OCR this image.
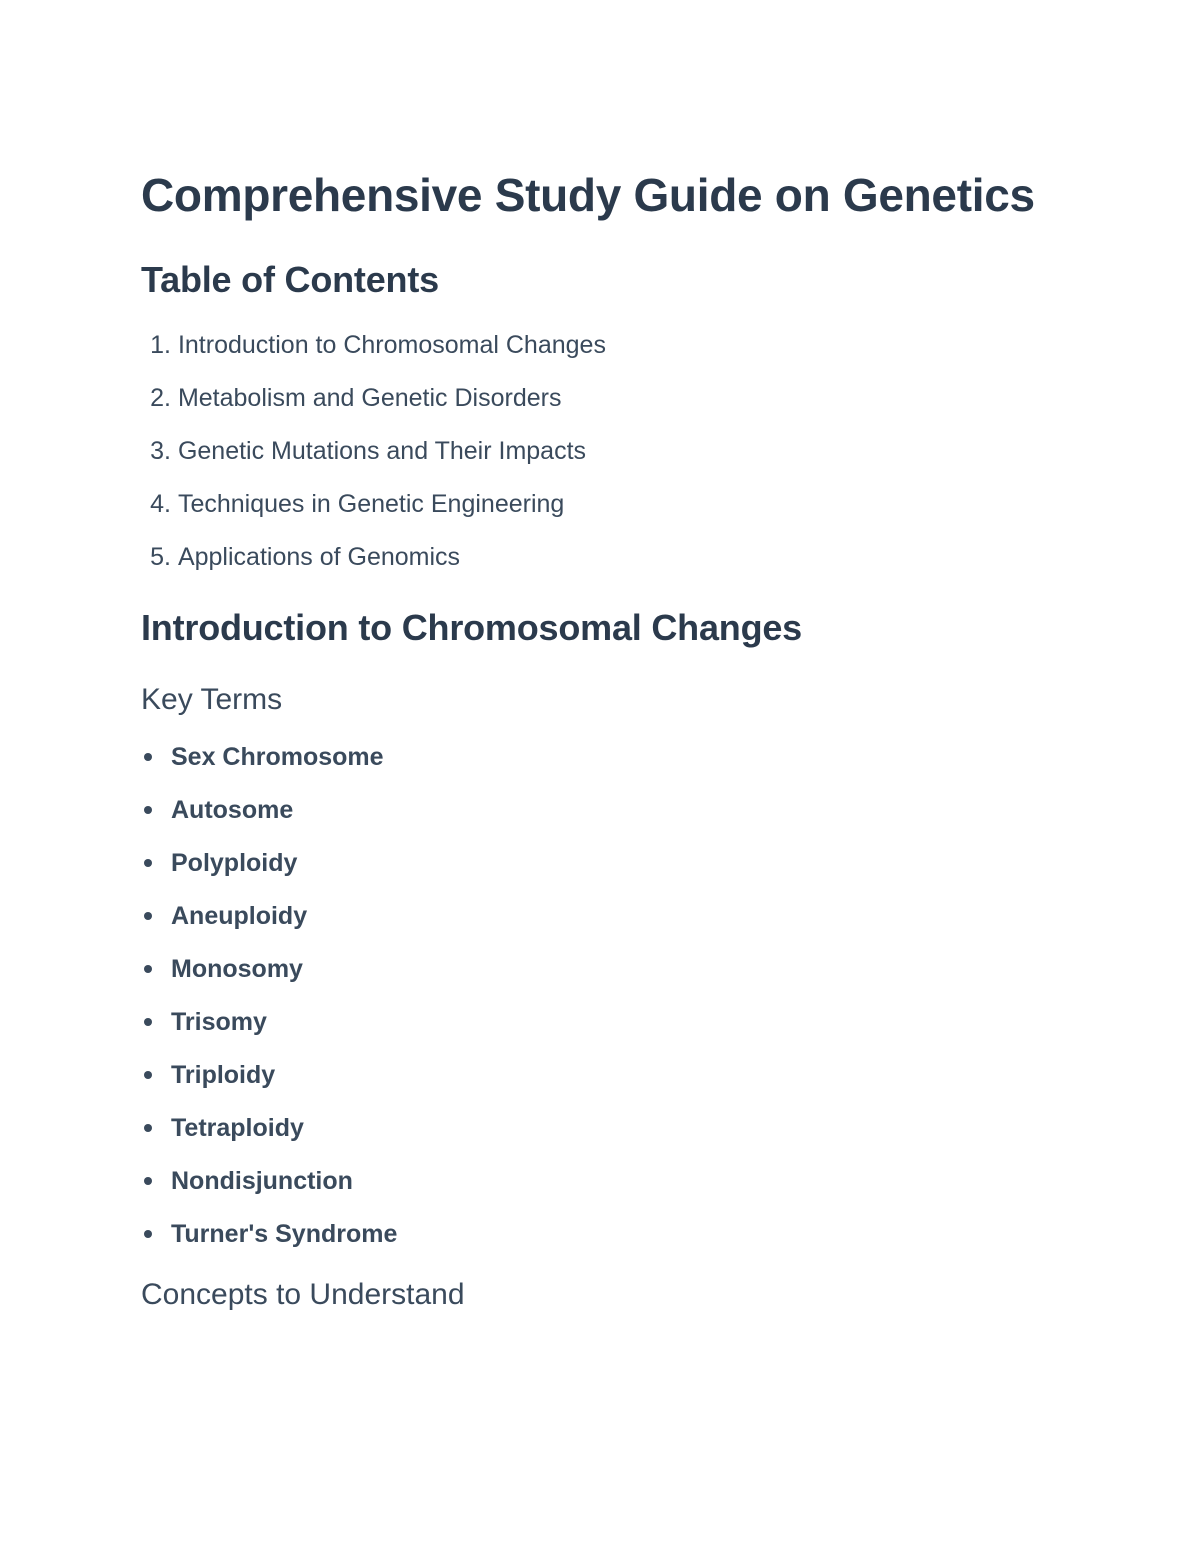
Comprehensive Study Guide on Genetics
Table of Contents
1.
Introduction to Chromosomal Changes
2.
Metabolism and Genetic Disorders
3.
Genetic Mutations and Their Impacts
4.
Techniques in Genetic Engineering
5.
Applications of Genomics
Introduction to Chromosomal Changes
Key Terms
Sex Chromosome
Autosome
Polyploidy
Aneuploidy
Monosomy
Trisomy
Triploidy
Tetraploidy
Nondisjunction
Turner's Syndrome
Concepts to Understand
